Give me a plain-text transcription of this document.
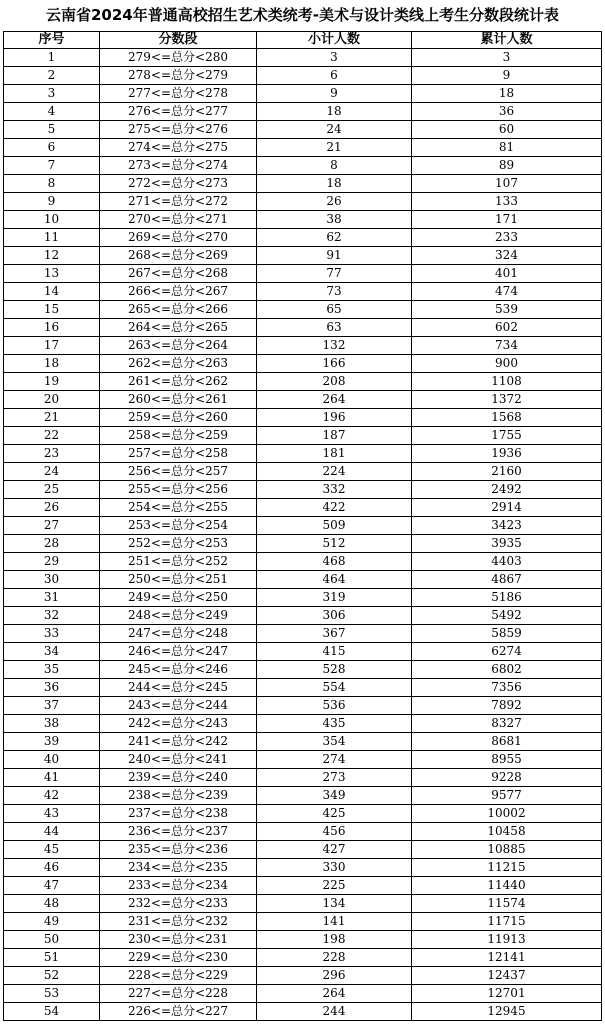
云南省2024年普通高校招生艺术类统考-美术与设计类线上考生分数段统计表
序号	分数段	小计人数	累计人数
1	279<=总分<280	3	3
2	278<=总分<279	6	9
3	277<=总分<278	9	18
4	276<=总分<277	18	36
5	275<=总分<276	24	60
6	274<=总分<275	21	81
7	273<=总分<274	8	89
8	272<=总分<273	18	107
9	271<=总分<272	26	133
10	270<=总分<271	38	171
11	269<=总分<270	62	233
12	268<=总分<269	91	324
13	267<=总分<268	77	401
14	266<=总分<267	73	474
15	265<=总分<266	65	539
16	264<=总分<265	63	602
17	263<=总分<264	132	734
18	262<=总分<263	166	900
19	261<=总分<262	208	1108
20	260<=总分<261	264	1372
21	259<=总分<260	196	1568
22	258<=总分<259	187	1755
23	257<=总分<258	181	1936
24	256<=总分<257	224	2160
25	255<=总分<256	332	2492
26	254<=总分<255	422	2914
27	253<=总分<254	509	3423
28	252<=总分<253	512	3935
29	251<=总分<252	468	4403
30	250<=总分<251	464	4867
31	249<=总分<250	319	5186
32	248<=总分<249	306	5492
33	247<=总分<248	367	5859
34	246<=总分<247	415	6274
35	245<=总分<246	528	6802
36	244<=总分<245	554	7356
37	243<=总分<244	536	7892
38	242<=总分<243	435	8327
39	241<=总分<242	354	8681
40	240<=总分<241	274	8955
41	239<=总分<240	273	9228
42	238<=总分<239	349	9577
43	237<=总分<238	425	10002
44	236<=总分<237	456	10458
45	235<=总分<236	427	10885
46	234<=总分<235	330	11215
47	233<=总分<234	225	11440
48	232<=总分<233	134	11574
49	231<=总分<232	141	11715
50	230<=总分<231	198	11913
51	229<=总分<230	228	12141
52	228<=总分<229	296	12437
53	227<=总分<228	264	12701
54	226<=总分<227	244	12945
